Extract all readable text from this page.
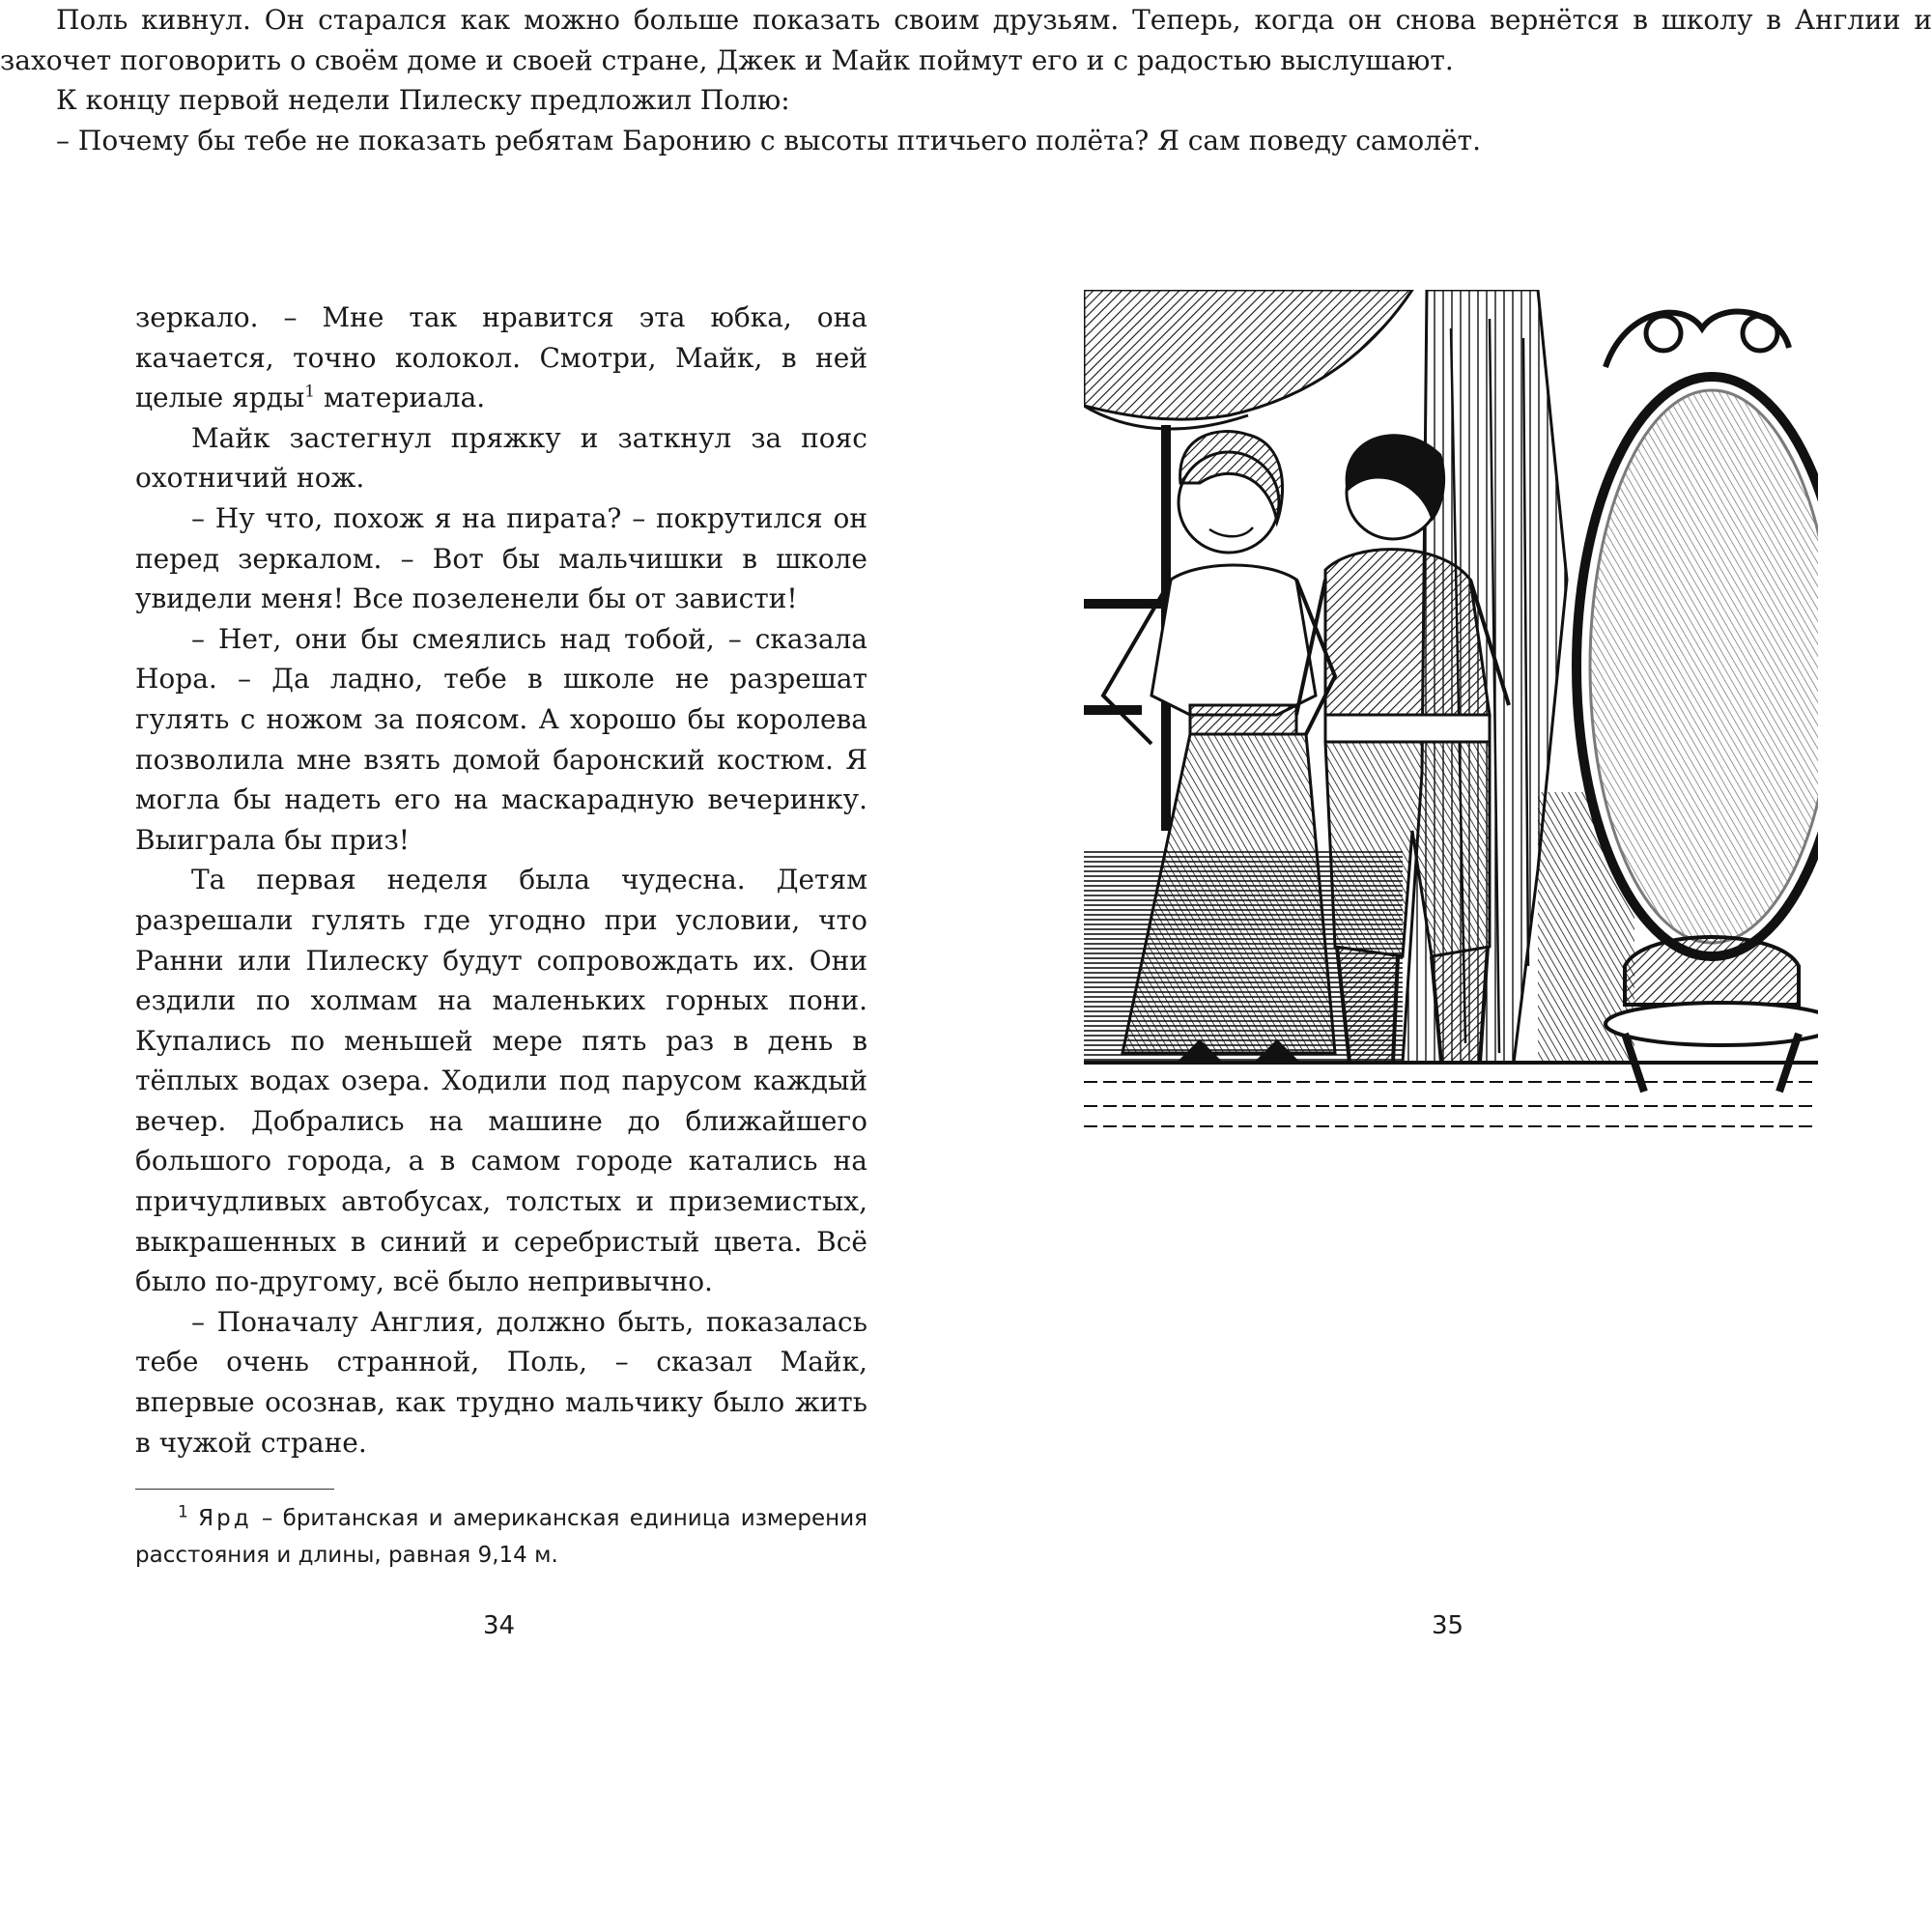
зеркало. – Мне так нравится эта юбка, она качается, точно колокол. Смотри, Майк, в ней целые ярды$^1$ материала.

Майк застегнул пряжку и заткнул за пояс охотничий нож.

– Ну что, похож я на пирата? – покрутился он перед зеркалом. – Вот бы мальчишки в школе увидели меня! Все позеленели бы от зависти!

– Нет, они бы смеялись над тобой, – сказала Нора. – Да ладно, тебе в школе не разрешат гулять с ножом за поясом. А хорошо бы королева позволила мне взять домой баронский костюм. Я могла бы надеть его на маскарадную вечеринку. Выиграла бы приз!

Та первая неделя была чудесна. Детям разрешали гулять где угодно при условии, что Ранни или Пилеску будут сопровождать их. Они ездили по холмам на маленьких горных пони. Купались по меньшей мере пять раз в день в тёплых водах озера. Ходили под парусом каждый вечер. Добрались на машине до ближайшего большого города, а в самом городе катались на причудливых автобусах, толстых и приземистых, выкрашенных в синий и серебристый цвета. Всё было по-другому, всё было непривычно.

– Поначалу Англия, должно быть, показалась тебе очень странной, Поль, – сказал Майк, впервые осознав, как трудно мальчику было жить в чужой стране.

$^1$ Ярд – британская и американская единица измерения расстояния и длины, равная 9,14 м.

34

Поль кивнул. Он старался как можно больше показать своим друзьям. Теперь, когда он снова вернётся в школу в Англии и захочет поговорить о своём доме и своей стране, Джек и Майк поймут его и с радостью выслушают.

К концу первой недели Пилеску предложил Полю:

– Почему бы тебе не показать ребятам Баронию с высоты птичьего полёта? Я сам поведу самолёт.

35
